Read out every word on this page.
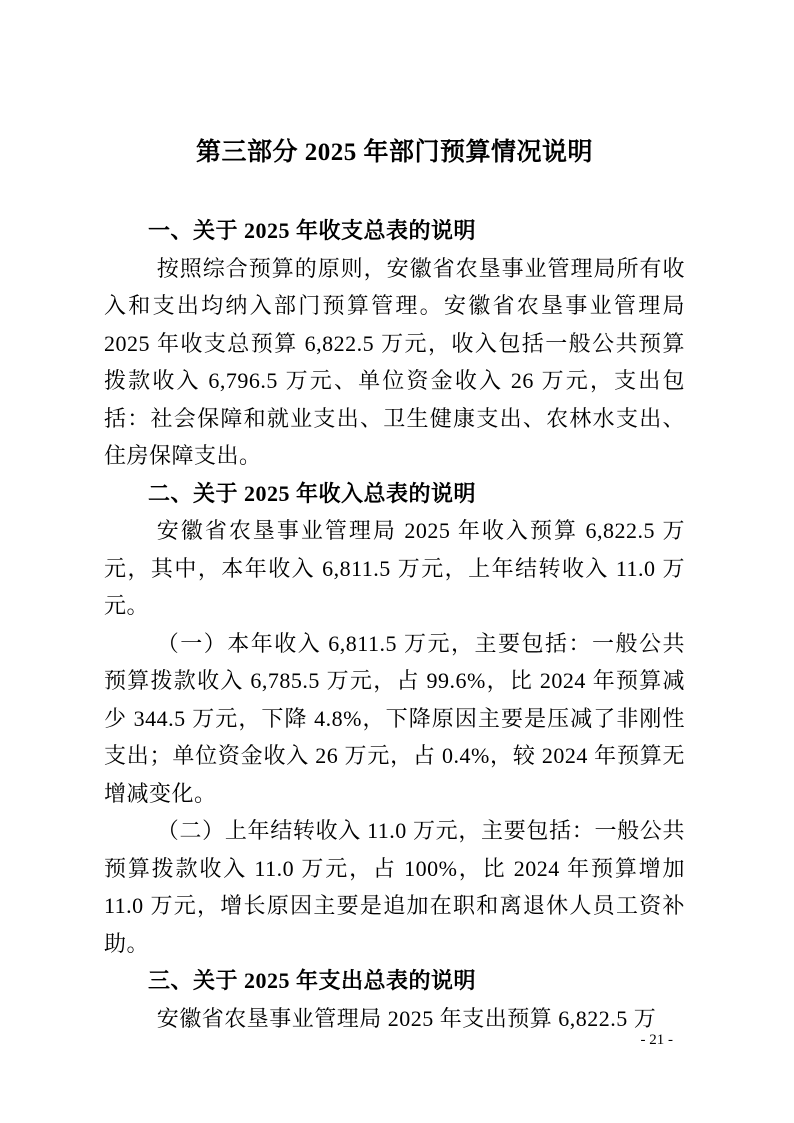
第三部分 2025 年部门预算情况说明
一、关于 2025 年收支总表的说明

按照综合预算的原则，安徽省农垦事业管理局所有收入和支出均纳入部门预算管理。安徽省农垦事业管理局 2025 年收支总预算 6,822.5 万元，收入包括一般公共预算拨款收入 6,796.5 万元、单位资金收入 26 万元，支出包括：社会保障和就业支出、卫生健康支出、农林水支出、住房保障支出。

二、关于 2025 年收入总表的说明

安徽省农垦事业管理局 2025 年收入预算 6,822.5 万元，其中，本年收入 6,811.5 万元，上年结转收入 11.0 万元。

（一）本年收入 6,811.5 万元，主要包括：一般公共预算拨款收入 6,785.5 万元，占 99.6%，比 2024 年预算减少 344.5 万元，下降 4.8%，下降原因主要是压减了非刚性支出；单位资金收入 26 万元，占 0.4%，较 2024 年预算无增减变化。

（二）上年结转收入 11.0 万元，主要包括：一般公共预算拨款收入 11.0 万元，占 100%，比 2024 年预算增加 11.0 万元，增长原因主要是追加在职和离退休人员工资补助。

三、关于 2025 年支出总表的说明

安徽省农垦事业管理局 2025 年支出预算 6,822.5 万

- 21 -
